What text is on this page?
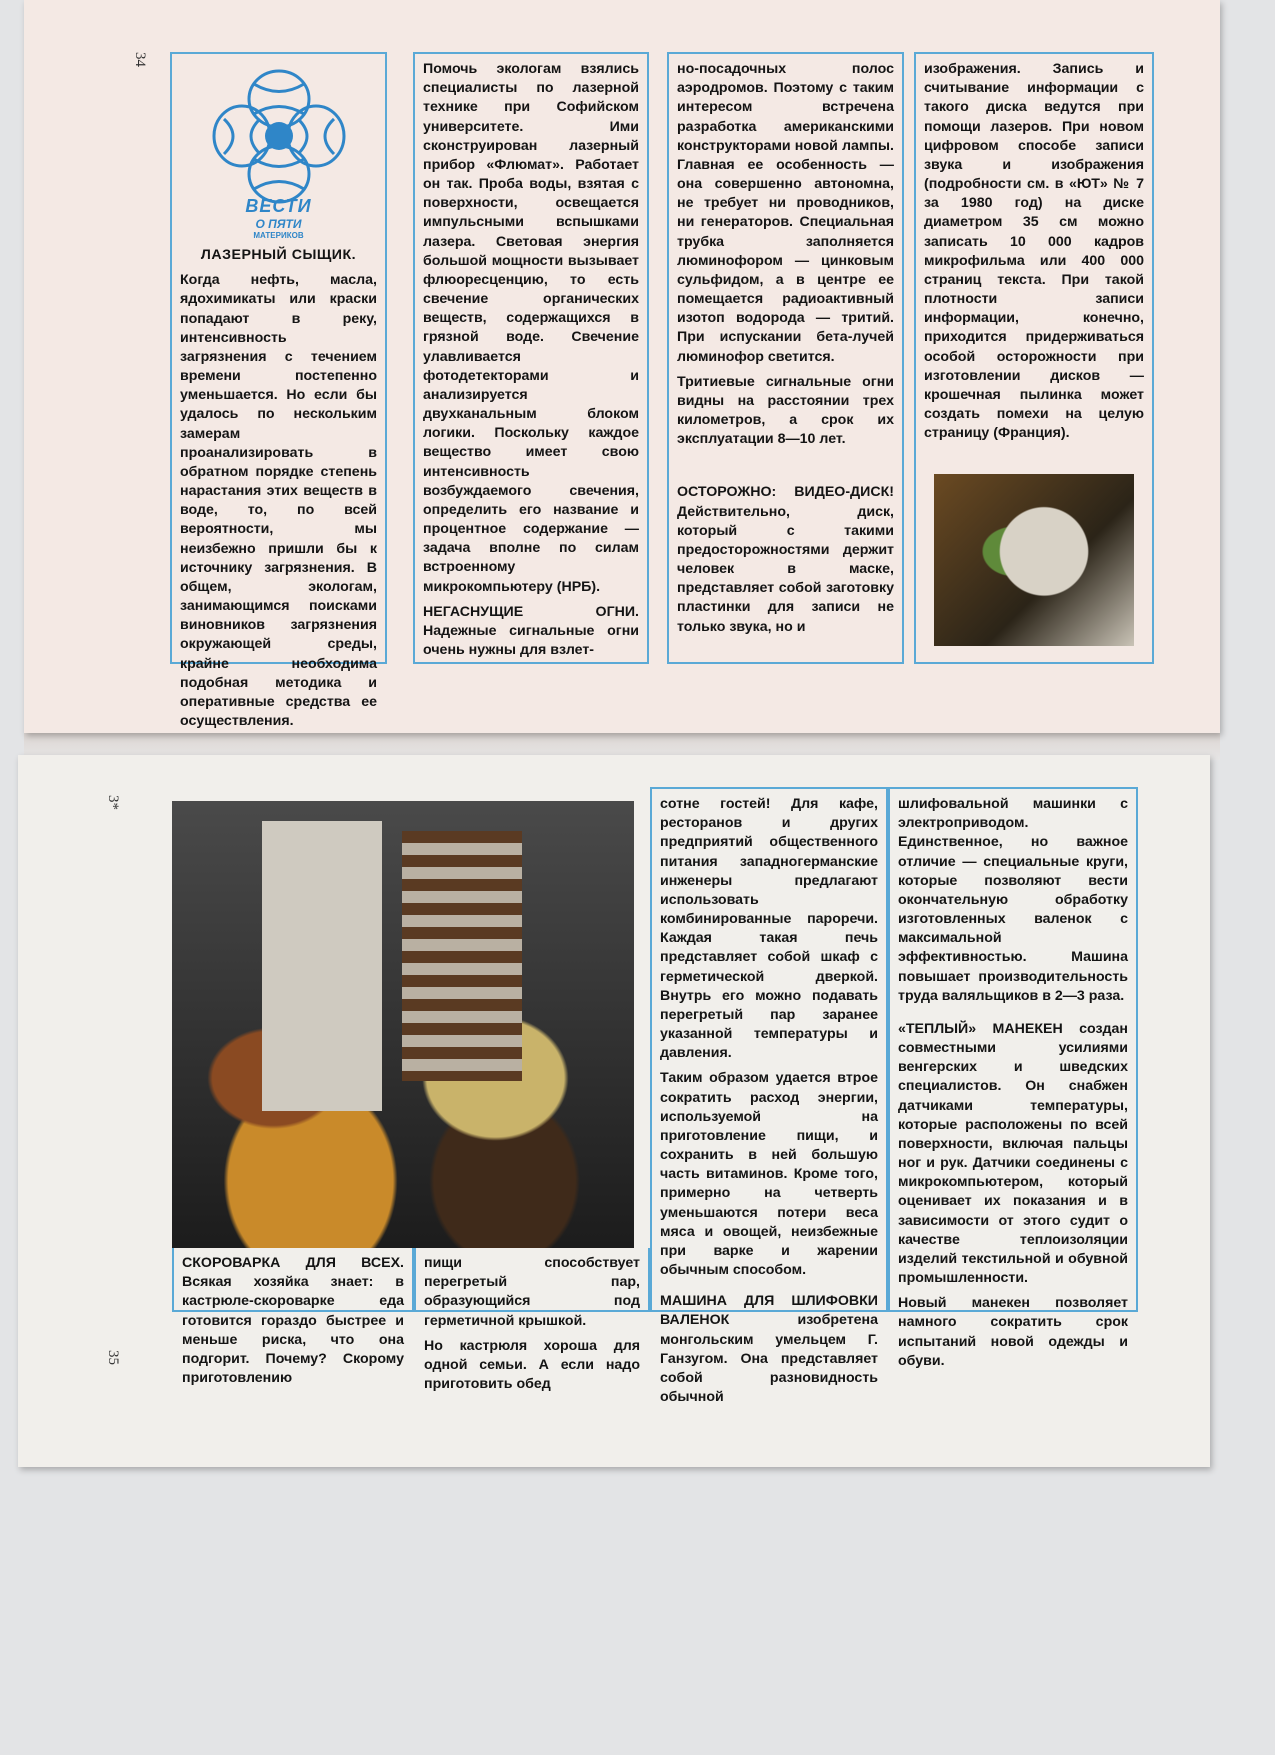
34
ВЕСТИ
О ПЯТИ
МАТЕРИКОВ

ЛАЗЕРНЫЙ СЫЩИК.

Когда нефть, масла, ядохимикаты или краски попадают в реку, интенсивность загрязнения с течением времени постепенно уменьшается. Но если бы удалось по нескольким замерам проанализировать в обратном порядке степень нарастания этих веществ в воде, то, по всей вероятности, мы неизбежно пришли бы к источнику загрязнения. В общем, экологам, занимающимся поисками виновников загрязнения окружающей среды, крайне необходима подобная методика и оперативные средства ее осуществления.

Помочь экологам взялись специалисты по лазерной технике при Софийском университете. Ими сконструирован лазерный прибор «Флюмат». Работает он так. Проба воды, взятая с поверхности, освещается импульсными вспышками лазера. Световая энергия большой мощности вызывает флюоресценцию, то есть свечение органических веществ, содержащихся в грязной воде. Свечение улавливается фотодетекторами и анализируется двухканальным блоком логики. Поскольку каждое вещество имеет свою интенсивность возбуждаемого свечения, определить его название и процентное содержание — задача вполне по силам встроенному микрокомпьютеру (НРБ).

НЕГАСНУЩИЕ ОГНИ. Надежные сигнальные огни очень нужны для взлет-

но-посадочных полос аэродромов. Поэтому с таким интересом встречена разработка американскими конструкторами новой лампы. Главная ее особенность — она совершенно автономна, не требует ни проводников, ни генераторов. Специальная трубка заполняется люминофором — цинковым сульфидом, а в центре ее помещается радиоактивный изотоп водорода — тритий. При испускании бета-лучей люминофор светится.

Тритиевые сигнальные огни видны на расстоянии трех километров, а срок их эксплуатации 8—10 лет.

ОСТОРОЖНО: ВИДЕО-ДИСК! Действительно, диск, который с такими предосторожностями держит человек в маске, представляет собой заготовку пластинки для записи не только звука, но и

изображения. Запись и считывание информации с такого диска ведутся при помощи лазеров. При новом цифровом способе записи звука и изображения (подробности см. в «ЮТ» № 7 за 1980 год) на диске диаметром 35 см можно записать 10 000 кадров микрофильма или 400 000 страниц текста. При такой плотности записи информации, конечно, приходится придерживаться особой осторожности при изготовлении дисков — крошечная пылинка может создать помехи на целую страницу (Франция).

3*
35

СКОРОВАРКА ДЛЯ ВСЕХ. Всякая хозяйка знает: в кастрюле-скороварке еда готовится гораздо быстрее и меньше риска, что она подгорит. Почему? Скорому приготовлению

пищи способствует перегретый пар, образующийся под герметичной крышкой.

Но кастрюля хороша для одной семьи. А если надо приготовить обед

сотне гостей! Для кафе, ресторанов и других предприятий общественного питания западногерманские инженеры предлагают использовать комбинированные пароpечи. Каждая такая печь представляет собой шкаф с герметической дверкой. Внутрь его можно подавать перегретый пар заранее указанной температуры и давления.

Таким образом удается втрое сократить расход энергии, используемой на приготовление пищи, и сохранить в ней большую часть витаминов. Кроме того, примерно на четверть уменьшаются потери веса мяса и овощей, неизбежные при варке и жарении обычным способом.

МАШИНА ДЛЯ ШЛИФОВКИ ВАЛЕНОК изобретена монгольским умельцем Г. Ганзугом. Она представляет собой разновидность обычной

шлифовальной машинки с электроприводом. Единственное, но важное отличие — специальные круги, которые позволяют вести окончательную обработку изготовленных валенок с максимальной эффективностью. Машина повышает производительность труда валяльщиков в 2—3 раза.

«ТЕПЛЫЙ» МАНЕКЕН создан совместными усилиями венгерских и шведских специалистов. Он снабжен датчиками температуры, которые расположены по всей поверхности, включая пальцы ног и рук. Датчики соединены с микрокомпьютером, который оценивает их показания и в зависимости от этого судит о качестве теплоизоляции изделий текстильной и обувной промышленности.

Новый манекен позволяет намного сократить срок испытаний новой одежды и обуви.
